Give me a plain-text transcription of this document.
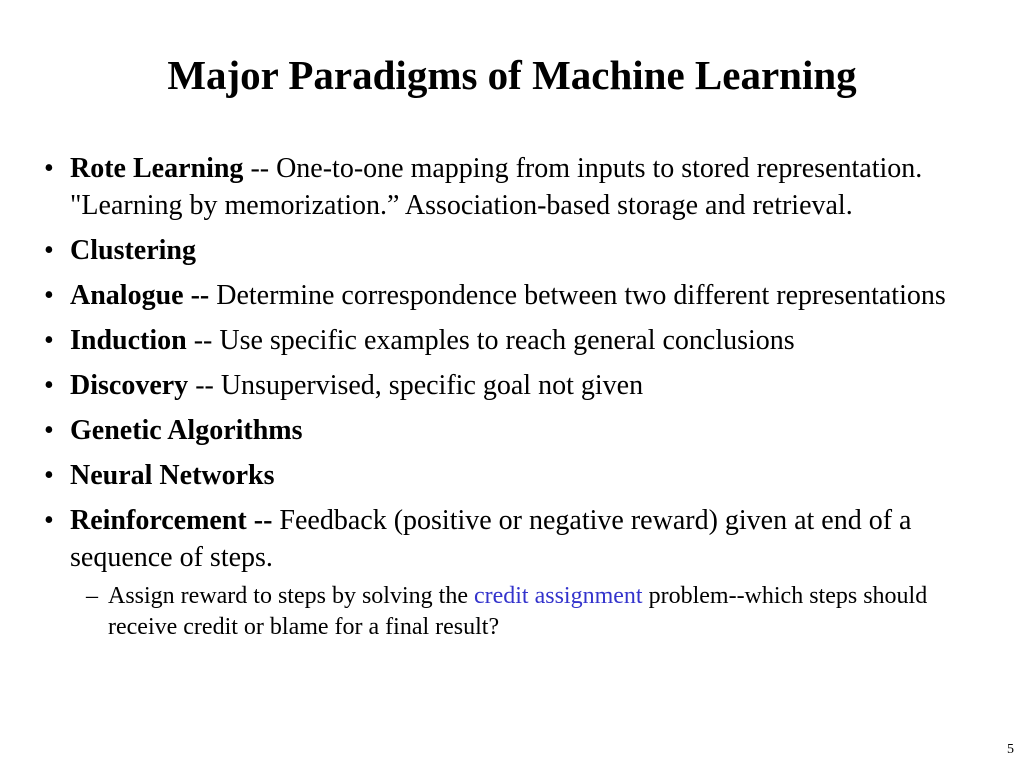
Major Paradigms of Machine Learning
• Rote Learning -- One-to-one mapping from inputs to stored representation. "Learning by memorization.” Association-based storage and retrieval.
• Clustering
• Analogue -- Determine correspondence between two different representations
• Induction -- Use specific examples to reach general conclusions
• Discovery -- Unsupervised, specific goal not given
• Genetic Algorithms
• Neural Networks
• Reinforcement -- Feedback (positive or negative reward) given at end of a sequence of steps.
– Assign reward to steps by solving the credit assignment problem--which steps should receive credit or blame for a final result?
5
